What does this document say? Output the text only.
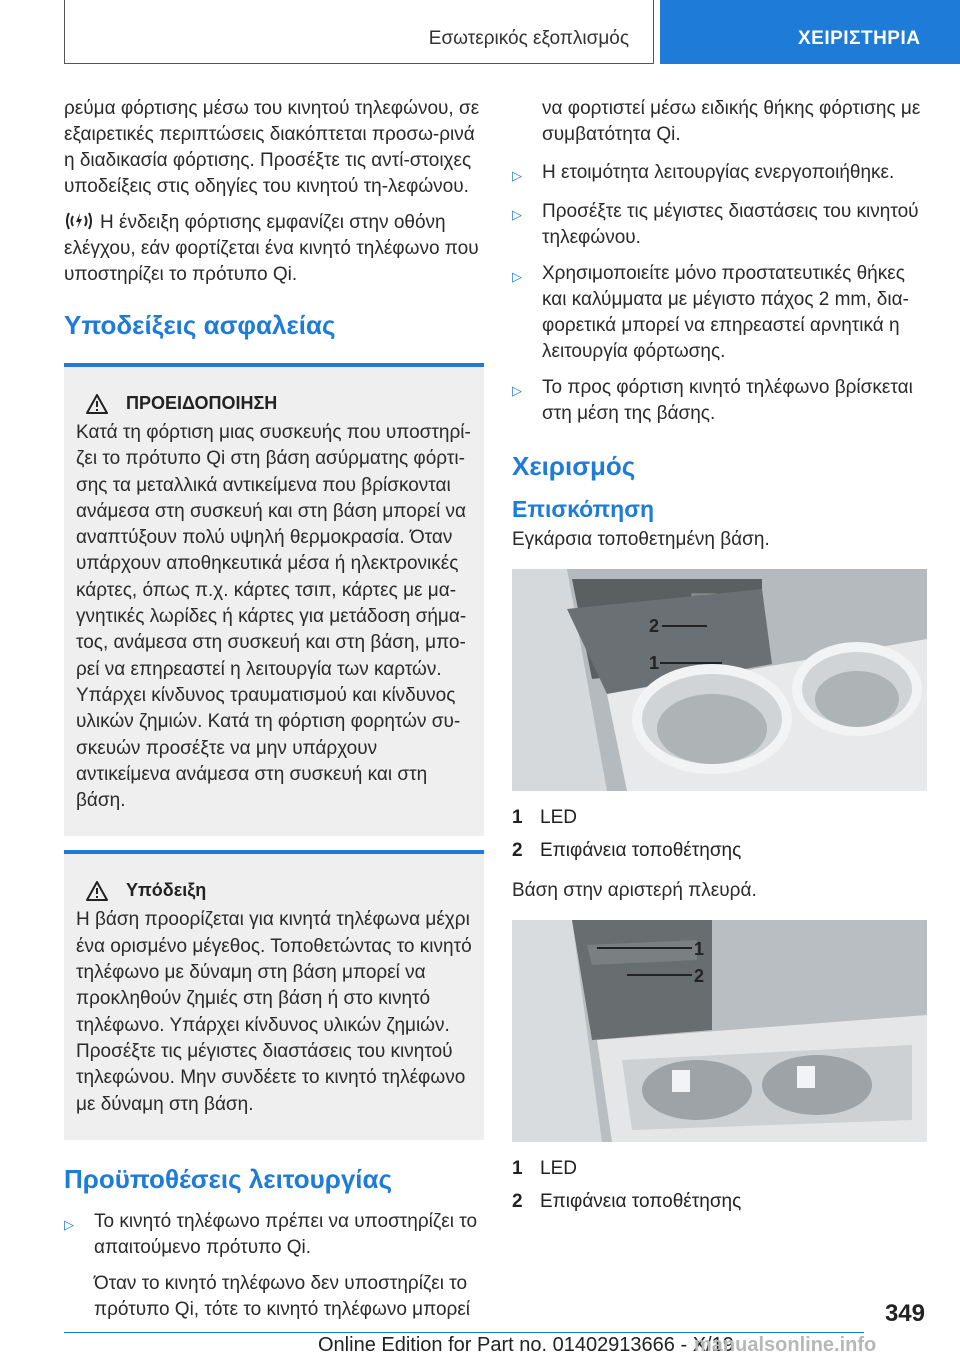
Εσωτερικός εξοπλισμός	ΧΕΙΡΙΣΤΗΡΙΑ

ρεύμα φόρτισης μέσω του κινητού τηλεφώνου, σε εξαιρετικές περιπτώσεις διακόπτεται προσω-ρινά η διαδικασία φόρτισης. Προσέξτε τις αντί-στοιχες υποδείξεις στις οδηγίες του κινητού τη-λεφώνου.

Η ένδειξη φόρτισης εμφανίζει στην οθόνη ελέγχου, εάν φορτίζεται ένα κινητό τηλέφωνο που υποστηρίζει το πρότυπο Qi.

Υποδείξεις ασφαλείας
ΠΡΟΕΙΔΟΠΟΙΗΣΗ

Κατά τη φόρτιση μιας συσκευής που υποστηρί-ζει το πρότυπο Qi στη βάση ασύρματης φόρτι-σης τα μεταλλικά αντικείμενα που βρίσκονται ανάμεσα στη συσκευή και στη βάση μπορεί να αναπτύξουν πολύ υψηλή θερμοκρασία. Όταν υπάρχουν αποθηκευτικά μέσα ή ηλεκτρονικές κάρτες, όπως π.χ. κάρτες τσιπ, κάρτες με μα-γνητικές λωρίδες ή κάρτες για μετάδοση σήμα-τος, ανάμεσα στη συσκευή και στη βάση, μπο-ρεί να επηρεαστεί η λειτουργία των καρτών. Υπάρχει κίνδυνος τραυματισμού και κίνδυνος υλικών ζημιών. Κατά τη φόρτιση φορητών συ-σκευών προσέξτε να μην υπάρχουν αντικείμενα ανάμεσα στη συσκευή και στη βάση.

Υπόδειξη

Η βάση προορίζεται για κινητά τηλέφωνα μέχρι ένα ορισμένο μέγεθος. Τοποθετώντας το κινητό τηλέφωνο με δύναμη στη βάση μπορεί να προκληθούν ζημιές στη βάση ή στο κινητό τηλέφωνο. Υπάρχει κίνδυνος υλικών ζημιών. Προσέξτε τις μέγιστες διαστάσεις του κινητού τηλεφώνου. Μην συνδέετε το κινητό τηλέφωνο με δύναμη στη βάση.

Προϋποθέσεις λειτουργίας
▷	Το κινητό τηλέφωνο πρέπει να υποστηρίζει το απαιτούμενο πρότυπο Qi.

Όταν το κινητό τηλέφωνο δεν υποστηρίζει το πρότυπο Qi, τότε το κινητό τηλέφωνο μπορεί

να φορτιστεί μέσω ειδικής θήκης φόρτισης με συμβατότητα Qi.

▷	Η ετοιμότητα λειτουργίας ενεργοποιήθηκε.
▷	Προσέξτε τις μέγιστες διαστάσεις του κινητού τηλεφώνου.
▷	Χρησιμοποιείτε μόνο προστατευτικές θήκες και καλύμματα με μέγιστο πάχος 2 mm, δια-φορετικά μπορεί να επηρεαστεί αρνητικά η λειτουργία φόρτωσης.
▷	Το προς φόρτιση κινητό τηλέφωνο βρίσκεται στη μέση της βάσης.
Χειρισμός
Επισκόπηση

Εγκάρσια τοποθετημένη βάση.

2
1
1 LED
2 Επιφάνεια τοποθέτησης

Βάση στην αριστερή πλευρά.

1
2
1 LED
2 Επιφάνεια τοποθέτησης
349
Online Edition for Part no. 01402913666 - X/19
manualsonline.info
